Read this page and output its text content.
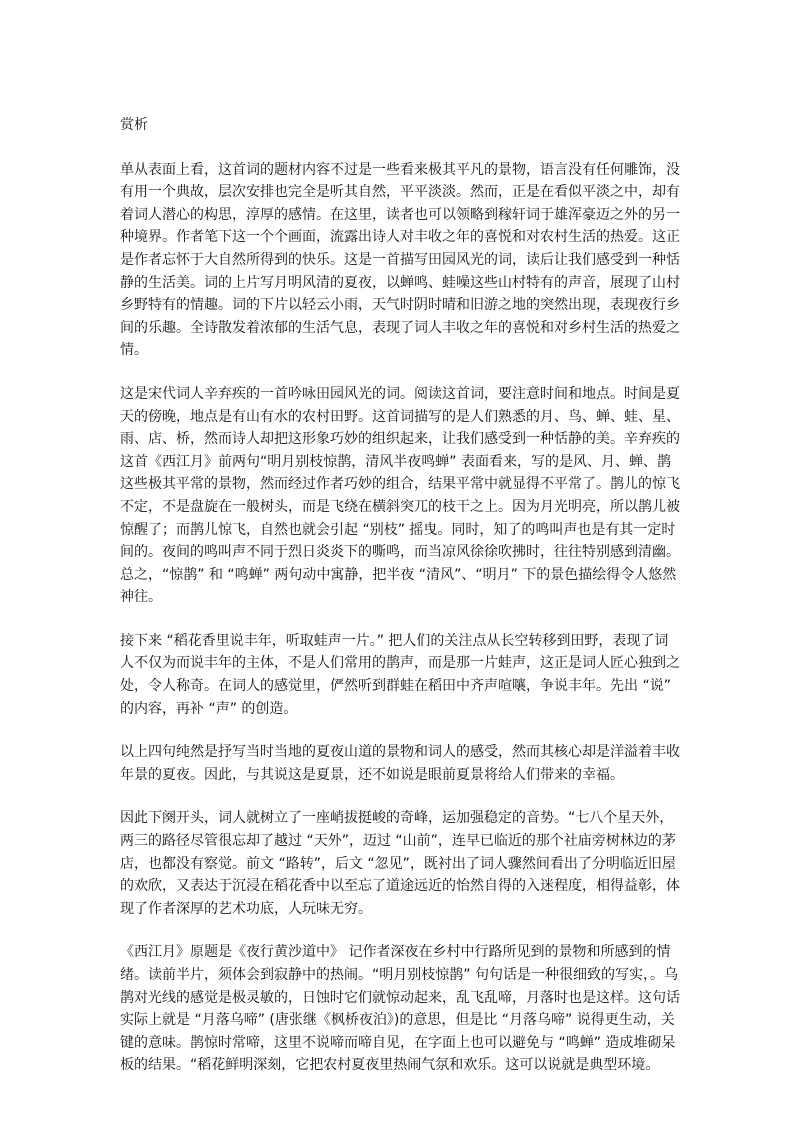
赏析

单从表面上看，这首词的题材内容不过是一些看来极其平凡的景物，语言没有任何雕饰，没有用一个典故，层次安排也完全是听其自然，平平淡淡。然而，正是在看似平淡之中，却有着词人潜心的构思，淳厚的感情。在这里，读者也可以领略到稼轩词于雄浑豪迈之外的另一种境界。作者笔下这一个个画面，流露出诗人对丰收之年的喜悦和对农村生活的热爱。这正是作者忘怀于大自然所得到的快乐。这是一首描写田园风光的词，读后让我们感受到一种恬静的生活美。词的上片写月明风清的夏夜，以蝉鸣、蛙噪这些山村特有的声音，展现了山村乡野特有的情趣。词的下片以轻云小雨，天气时阴时晴和旧游之地的突然出现，表现夜行乡间的乐趣。全诗散发着浓郁的生活气息，表现了词人丰收之年的喜悦和对乡村生活的热爱之情。

这是宋代词人辛弃疾的一首吟咏田园风光的词。阅读这首词，要注意时间和地点。时间是夏天的傍晚，地点是有山有水的农村田野。这首词描写的是人们熟悉的月、鸟、蝉、蛙、星、雨、店、桥，然而诗人却把这形象巧妙的组织起来，让我们感受到一种恬静的美。辛弃疾的这首《西江月》前两句“明月别枝惊鹊，清风半夜鸣蝉” 表面看来，写的是风、月、蝉、鹊这些极其平常的景物，然而经过作者巧妙的组合，结果平常中就显得不平常了。鹊儿的惊飞不定，不是盘旋在一般树头，而是飞绕在横斜突兀的枝干之上。因为月光明亮，所以鹊儿被惊醒了；而鹊儿惊飞，自然也就会引起 “别枝” 摇曳。同时，知了的鸣叫声也是有其一定时间的。夜间的鸣叫声不同于烈日炎炎下的嘶鸣，而当凉风徐徐吹拂时，往往特别感到清幽。总之，“惊鹊” 和 “鸣蝉” 两句动中寓静，把半夜 “清风”、“明月” 下的景色描绘得令人悠然神往。

接下来 “稻花香里说丰年，听取蛙声一片。” 把人们的关注点从长空转移到田野，表现了词人不仅为而说丰年的主体，不是人们常用的鹊声，而是那一片蛙声，这正是词人匠心独到之处，令人称奇。在词人的感觉里，俨然听到群蛙在稻田中齐声喧嚷，争说丰年。先出 “说” 的内容，再补 “声” 的创造。

以上四句纯然是抒写当时当地的夏夜山道的景物和词人的感受，然而其核心却是洋溢着丰收年景的夏夜。因此，与其说这是夏景，还不如说是眼前夏景将给人们带来的幸福。

因此下阕开头，词人就树立了一座峭拔挺峻的奇峰，运加强稳定的音势。“七八个星天外，两三的路径尽管很忘却了越过 “天外”，迈过 “山前”，连早已临近的那个社庙旁树林边的茅店，也都没有察觉。前文 “路转”，后文 “忽见”，既衬出了词人骤然间看出了分明临近旧屋的欢欣，又表达于沉浸在稻花香中以至忘了道途远近的怡然自得的入迷程度，相得益彰，体现了作者深厚的艺术功底，人玩味无穷。

《西江月》原题是《夜行黄沙道中》 记作者深夜在乡村中行路所见到的景物和所感到的情绪。读前半片，须体会到寂静中的热闹。“明月别枝惊鹊” 句句话是一种很细致的写实，。乌鹊对光线的感觉是极灵敏的，日蚀时它们就惊动起来，乱飞乱啼，月落时也是这样。这句话实际上就是 “月落乌啼” (唐张继《枫桥夜泊》)的意思，但是比 “月落乌啼” 说得更生动，关键的意味。鹊惊时常啼，这里不说啼而啼自见，在字面上也可以避免与 “鸣蝉” 造成堆砌呆板的结果。“稻花鲜明深刻，它把农村夏夜里热闹气氛和欢乐。这可以说就是典型环境。
